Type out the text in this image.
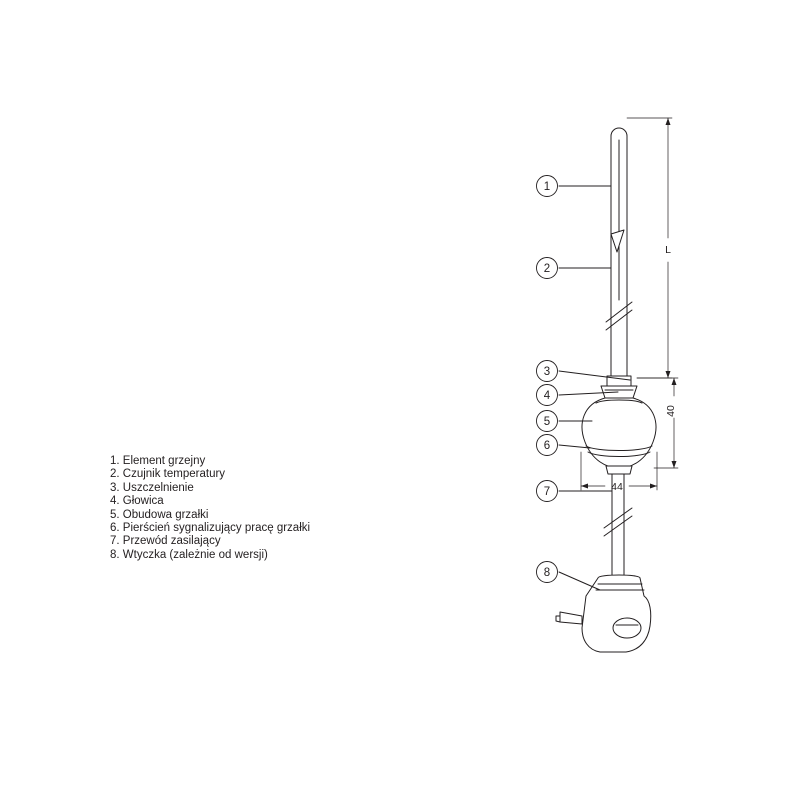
1
2
3
4
5
6
7
8
L
40
44
1. Element grzejny
2. Czujnik temperatury
3. Uszczelnienie
4. Głowica
5. Obudowa grzałki
6. Pierścień sygnalizujący pracę grzałki
7. Przewód zasilający
8. Wtyczka (zależnie od wersji)
